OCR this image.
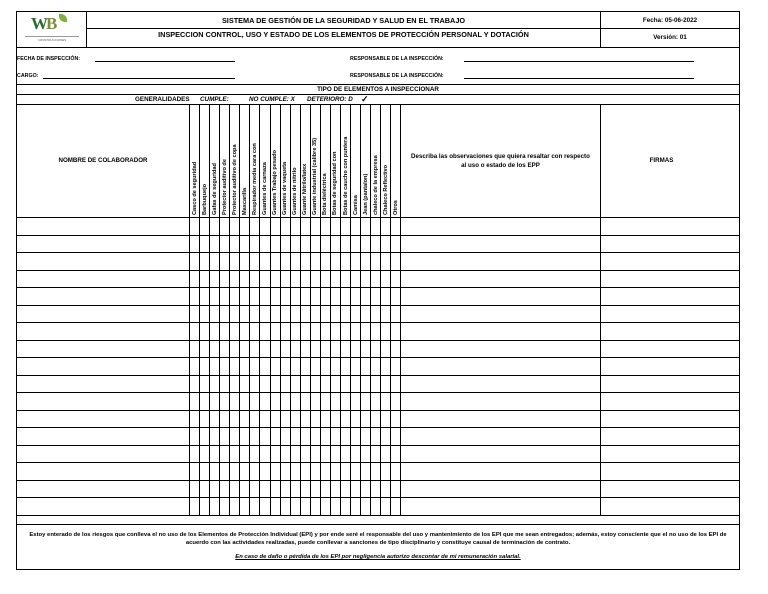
WB
CONSTRUCCIONES
SISTEMA DE GESTIÓN DE LA SEGURIDAD Y SALUD EN EL TRABAJO
INSPECCION CONTROL, USO Y ESTADO DE LOS ELEMENTOS DE PROTECCIÓN PERSONAL Y DOTACIÓN
Fecha: 05-06-2022
Versión: 01
FECHA DE INSPECCIÓN:
CARGO:
RESPONSABLE DE LA INSPECCIÓN:
RESPONSABLE DE LA INSPECCIÓN:
TIPO DE ELEMENTOS A INSPECCIONAR
GENERALIDADES CUMPLE:	NO CUMPLE: X DETERIORO: D ✓
NOMBRE DE COLABORADOR
Describa las observaciones que quiera resaltar con respecto al uso o estado de los EPP
FIRMAS
Casco de seguridad Barbuquejo Gafas de seguridad Protector auditivo de Protector auditivo de copa Mascarilla Respirador media cara con Guantes de carnaza Guantes Trabajo pesado Guantes de vaqueta Guantes de nitrilo Guante Nitrilo/latex Guante industrial (calibre 35) Bota dieléctrica Botas de seguridad con Botas de caucho con puntera Camisa Jean (pantalon) chaleco de la empresa Chaleco Reflectivo Otros
Estoy enterado de los riesgos que conlleva el no uso de los Elementos de Protección Individual (EPI) y por ende seré el responsable del uso y mantenimiento de los EPI que me sean entregados; además, estoy consciente que el no uso de los EPI de acuerdo con las actividades realizadas, puede conllevar a sanciones de tipo disciplinario y constituye causal de terminación de contrato.
En caso de daño o pérdida de los EPI por negligencia autorizo descontar de mi remuneración salarial.
